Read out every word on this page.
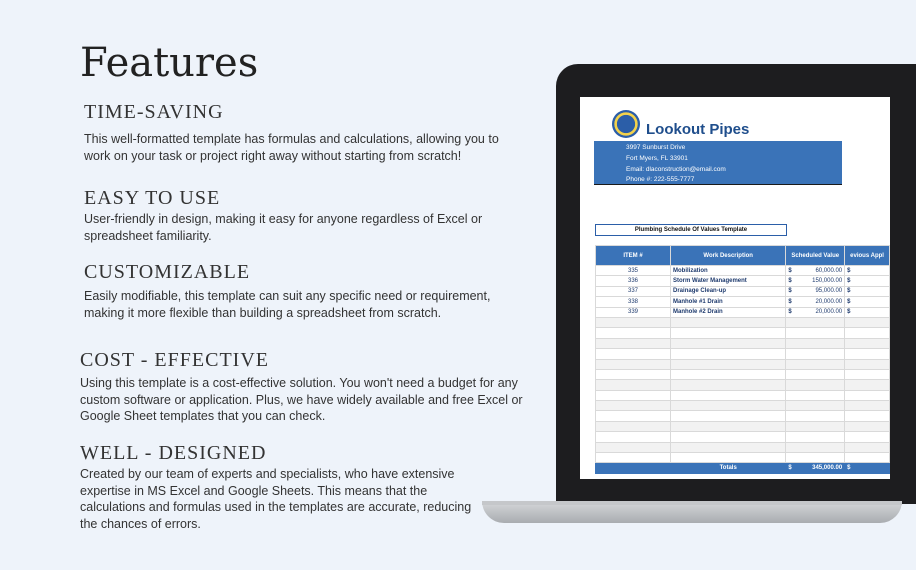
Features
TIME-SAVING

This well-formatted template has formulas and calculations, allowing you to work on your task or project right away without starting from scratch!

EASY TO USE

User-friendly in design, making it easy for anyone regardless of Excel or spreadsheet familiarity.

CUSTOMIZABLE

Easily modifiable, this template can suit any specific need or requirement, making it more flexible than building a spreadsheet from scratch.

COST - EFFECTIVE

Using this template is a cost-effective solution. You won't need a budget for any custom software or application. Plus, we have widely available and free Excel or Google Sheet templates that you can check.

WELL - DESIGNED

Created by our team of experts and specialists, who have extensive expertise in MS Excel and Google Sheets. This means that the calculations and formulas used in the templates are accurate, reducing the chances of errors.

Lookout Pipes
3997 Sunburst Drive
Fort Myers, FL 33901
Email: dlaconstruction@email.com
Phone #: 222-555-7777
Plumbing Schedule Of Values Template
ITEM #	Work Description	Scheduled Value	evious Appl
335	Mobilization	$ 60,000.00	$

336	Storm Water Management	$ 150,000.00	$

337	Drainage Clean-up	$ 95,000.00	$

338	Manhole #1 Drain	$ 20,000.00	$

339	Manhole #2 Drain	$ 20,000.00	$

	Totals	$ 345,000.00	$
